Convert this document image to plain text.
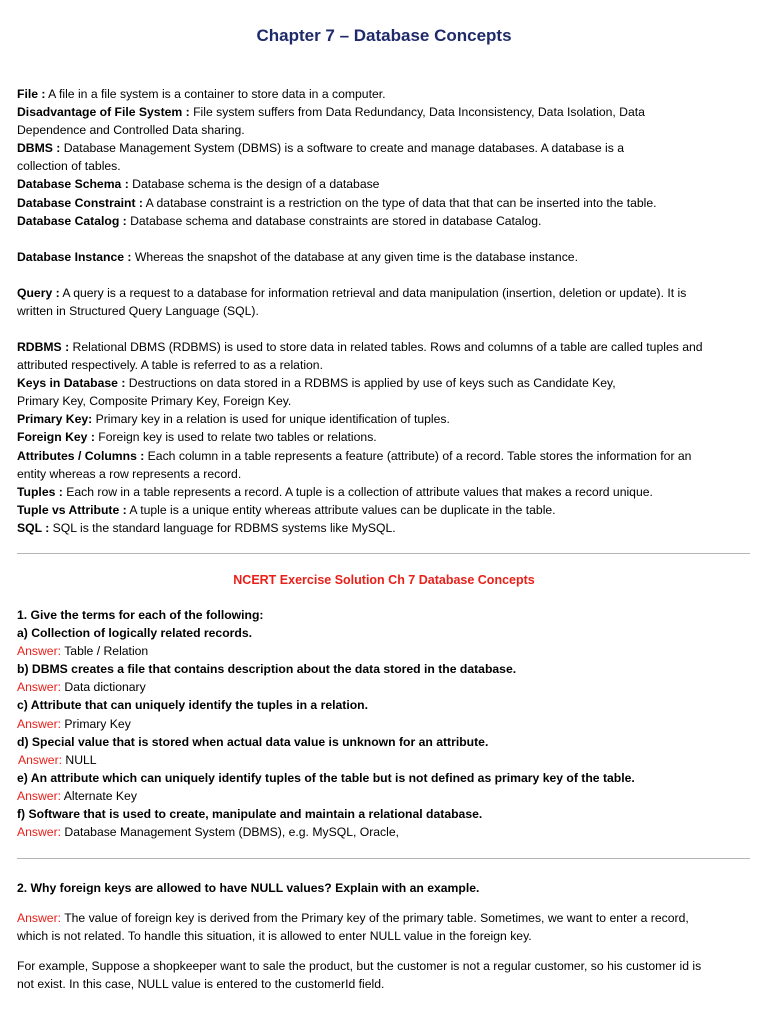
Chapter 7 – Database Concepts
File : A file in a file system is a container to store data in a computer.
Disadvantage of File System : File system suffers from Data Redundancy, Data Inconsistency, Data Isolation, Data
Dependence and Controlled Data sharing.
DBMS : Database Management System (DBMS) is a software to create and manage databases. A database is a
collection of tables.
Database Schema : Database schema is the design of a database
Database Constraint : A database constraint is a restriction on the type of data that that can be inserted into the table.
Database Catalog : Database schema and database constraints are stored in database Catalog.
Database Instance : Whereas the snapshot of the database at any given time is the database instance.
Query : A query is a request to a database for information retrieval and data manipulation (insertion, deletion or update). It is
written in Structured Query Language (SQL).
RDBMS : Relational DBMS (RDBMS) is used to store data in related tables. Rows and columns of a table are called tuples and
attributed respectively. A table is referred to as a relation.
Keys in Database : Destructions on data stored in a RDBMS is applied by use of keys such as Candidate Key,
Primary Key, Composite Primary Key, Foreign Key.
Primary Key: Primary key in a relation is used for unique identification of tuples.
Foreign Key : Foreign key is used to relate two tables or relations.
Attributes / Columns : Each column in a table represents a feature (attribute) of a record. Table stores the information for an
entity whereas a row represents a record.
Tuples : Each row in a table represents a record. A tuple is a collection of attribute values that makes a record unique.
Tuple vs Attribute : A tuple is a unique entity whereas attribute values can be duplicate in the table.
SQL : SQL is the standard language for RDBMS systems like MySQL.
NCERT Exercise Solution Ch 7 Database Concepts
1. Give the terms for each of the following:
a) Collection of logically related records.
Answer: Table / Relation
b) DBMS creates a file that contains description about the data stored in the database.
Answer: Data dictionary
c) Attribute that can uniquely identify the tuples in a relation.
Answer: Primary Key
d) Special value that is stored when actual data value is unknown for an attribute.
Answer: NULL
e) An attribute which can uniquely identify tuples of the table but is not defined as primary key of the table.
Answer: Alternate Key
f) Software that is used to create, manipulate and maintain a relational database.
Answer: Database Management System (DBMS), e.g. MySQL, Oracle,
2. Why foreign keys are allowed to have NULL values? Explain with an example.
Answer: The value of foreign key is derived from the Primary key of the primary table. Sometimes, we want to enter a record,
which is not related. To handle this situation, it is allowed to enter NULL value in the foreign key.
For example, Suppose a shopkeeper want to sale the product, but the customer is not a regular customer, so his customer id is
not exist. In this case, NULL value is entered to the customerId field.
